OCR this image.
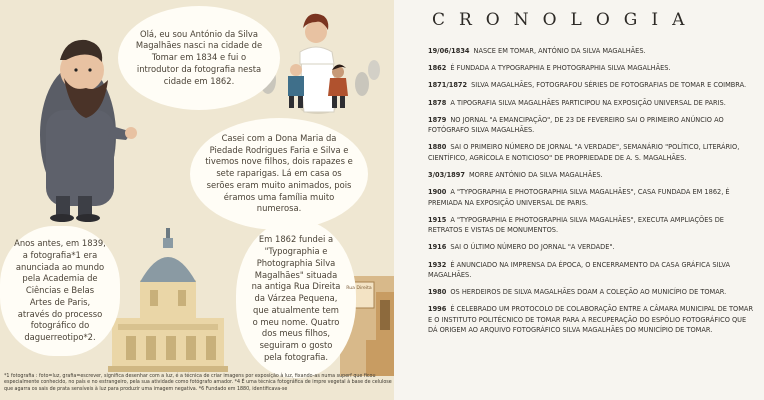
Olá, eu sou António da Silva Magalhães nasci na cidade de Tomar em 1834 e fui o introdutor da fotografia nesta cidade em 1862.
Casei com a Dona Maria da Piedade Rodrigues Faria e Silva e tivemos nove filhos, dois rapazes e sete raparigas. Lá em casa os serões eram muito animados, pois éramos uma família muito numerosa.
Anos antes, em 1839, a fotografia*1 era anunciada ao mundo pela Academia de Ciências e Belas Artes de Paris, através do processo fotográfico do daguerreotipo*2.
Em 1862 fundei a "Typographia e Photographia Silva Magalhães" situada na antiga Rua Direita da Várzea Pequena, que atualmente tem o meu nome. Quatro dos meus filhos, seguiram o gosto pela fotografia.
Rua Direita
*1 fotografia : foto=luz, grafia=escrever, significa desenhar com a luz, é a técnica de criar imagens por exposição à luz, fixando-as numa superf que ficou especialmente conhecido, no país e no estrangeiro, pela sua atividade como fotógrafo amador. *4 É uma técnica fotográfica de impre vegetal à base de celulose que agarra os sais de prata sensíveis à luz para produzir uma imagem negativa. *6 Fundado em 1880, identificava-se
CRONOLOGIA
19/06/1834 NASCE EM TOMAR, ANTÓNIO DA SILVA MAGALHÃES.
1862 É FUNDADA A TYPOGRAPHIA E PHOTOGRAPHIA SILVA MAGALHÃES.
1871/1872 SILVA MAGALHÃES, FOTOGRAFOU SÉRIES DE FOTOGRAFIAS DE TOMAR E COIMBRA.
1878 A TIPOGRAFIA SILVA MAGALHÃES PARTICIPOU NA EXPOSIÇÃO UNIVERSAL DE PARIS.
1879 NO JORNAL "A EMANCIPAÇÃO", DE 23 DE FEVEREIRO SAI O PRIMEIRO ANÚNCIO AO FOTÓGRAFO SILVA MAGALHÃES.
1880 SAI O PRIMEIRO NÚMERO DE JORNAL "A VERDADE", SEMANÁRIO "POLÍTICO, LITERÁRIO, CIENTÍFICO, AGRÍCOLA E NOTICIOSO" DE PROPRIEDADE DE A. S. MAGALHÃES.
3/03/1897 MORRE ANTÓNIO DA SILVA MAGALHÃES.
1900 A "TYPOGRAPHIA E PHOTOGRAPHIA SILVA MAGALHÃES", CASA FUNDADA EM 1862, É PREMIADA NA EXPOSIÇÃO UNIVERSAL DE PARIS.
1915 A "TYPOGRAPHIA E PHOTOGRAPHIA SILVA MAGALHÃES", EXECUTA AMPLIAÇÕES DE RETRATOS E VISTAS DE MONUMENTOS.
1916 SAI O ÚLTIMO NÚMERO DO JORNAL "A VERDADE".
1932 É ANUNCIADO NA IMPRENSA DA ÉPOCA, O ENCERRAMENTO DA CASA GRÁFICA SILVA MAGALHÃES.
1980 OS HERDEIROS DE SILVA MAGALHÃES DOAM A COLEÇÃO AO MUNICÍPIO DE TOMAR.
1996 É CELEBRADO UM PROTOCOLO DE COLABORAÇÃO ENTRE A CÂMARA MUNICIPAL DE TOMAR E O INSTITUTO POLITÉCNICO DE TOMAR PARA A RECUPERAÇÃO DO ESPÓLIO FOTOGRÁFICO QUE DÁ ORIGEM AO ARQUIVO FOTOGRÁFICO SILVA MAGALHÃES DO MUNICÍPIO DE TOMAR.
